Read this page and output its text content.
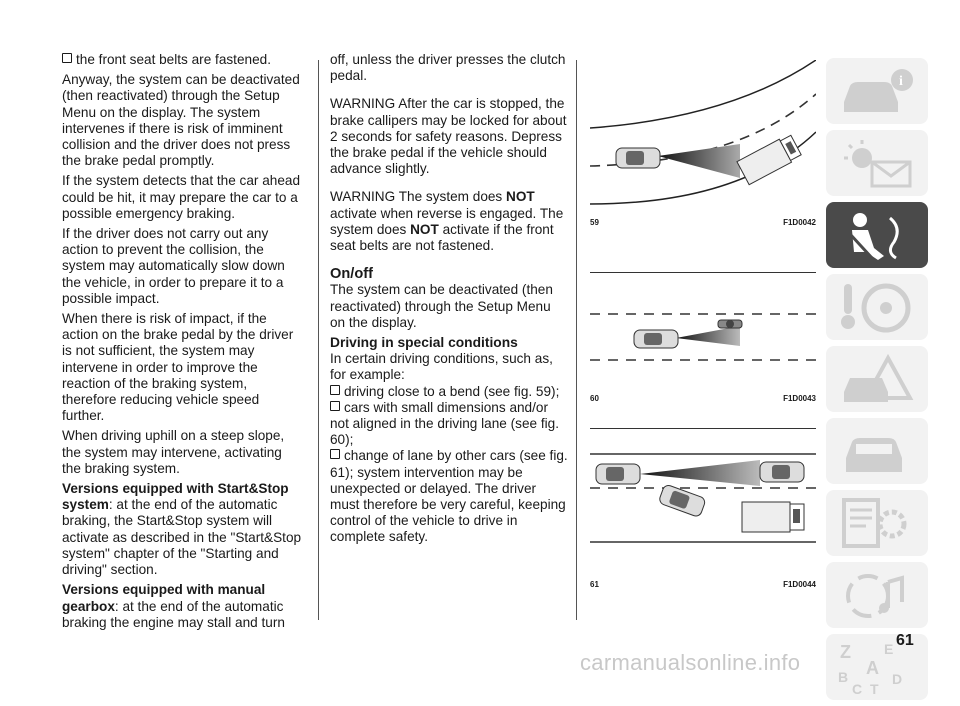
the front seat belts are fastened.

Anyway, the system can be deactivated (then reactivated) through the Setup Menu on the display. The system intervenes if there is risk of imminent collision and the driver does not press the brake pedal promptly.

If the system detects that the car ahead could be hit, it may prepare the car to a possible emergency braking.

If the driver does not carry out any action to prevent the collision, the system may automatically slow down the vehicle, in order to prepare it to a possible impact.

When there is risk of impact, if the action on the brake pedal by the driver is not sufficient, the system may intervene in order to improve the reaction of the braking system, therefore reducing vehicle speed further.

When driving uphill on a steep slope, the system may intervene, activating the braking system.

Versions equipped with Start&Stop system: at the end of the automatic braking, the Start&Stop system will activate as described in the "Start&Stop system" chapter of the "Starting and driving" section.

Versions equipped with manual gearbox: at the end of the automatic braking the engine may stall and turn

off, unless the driver presses the clutch pedal.

WARNING After the car is stopped, the brake callipers may be locked for about 2 seconds for safety reasons. Depress the brake pedal if the vehicle should advance slightly.

WARNING The system does NOT activate when reverse is engaged. The system does NOT activate if the front seat belts are not fastened.

On/off

The system can be deactivated (then reactivated) through the Setup Menu on the display.

Driving in special conditions

In certain driving conditions, such as, for example:

driving close to a bend (see fig. 59);

cars with small dimensions and/or not aligned in the driving lane (see fig. 60);

change of lane by other cars (see fig. 61); system intervention may be unexpected or delayed. The driver must therefore be very careful, keeping control of the vehicle to drive in complete safety.

59	F1D0042
60	F1D0043
61	F1D0044
i
Z E
A
B	D
C T
61
carmanualsonline.info
